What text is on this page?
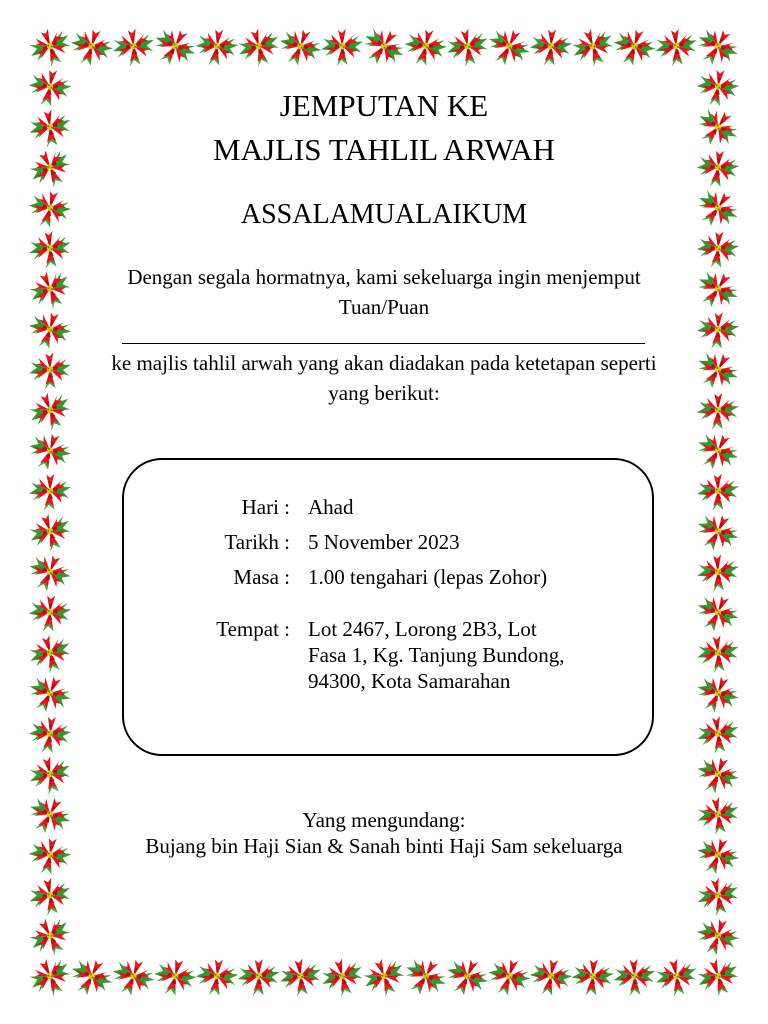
JEMPUTAN KE
MAJLIS TAHLIL ARWAH
ASSALAMUALAIKUM
Dengan segala hormatnya, kami sekeluarga ingin menjemput Tuan/Puan
ke majlis tahlil arwah yang akan diadakan pada ketetapan seperti yang berikut:
Hari : Ahad
Tarikh : 5 November 2023
Masa : 1.00 tengahari (lepas Zohor)
Tempat : Lot 2467, Lorong 2B3, Lot Fasa 1, Kg. Tanjung Bundong, 94300, Kota Samarahan
Yang mengundang:
Bujang bin Haji Sian & Sanah binti Haji Sam sekeluarga
